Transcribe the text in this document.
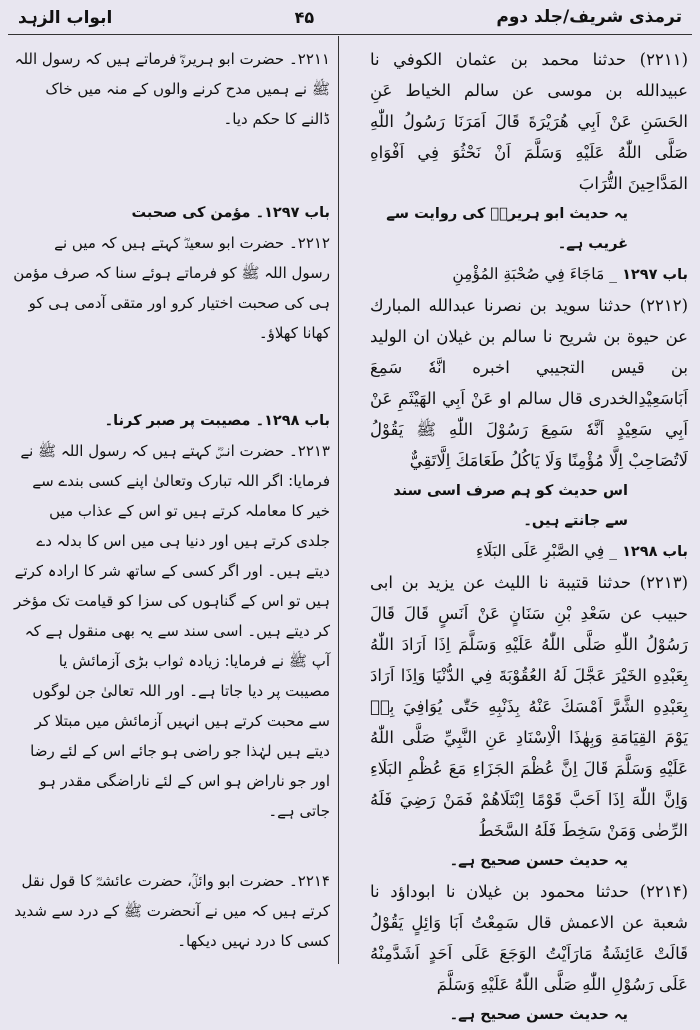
ترمذی شریف/جلد دوم
۴۵
ابواب الزہد

(۲۲۱۱) حدثنا محمد بن عثمان الكوفي نا عبيدالله بن موسى عن سالم الخياط عَنِ الحَسَنِ عَنْ اَبِي هُرَيْرَةَ قَالَ اَمَرَنَا رَسُولُ اللّٰهِ صَلَّى اللّٰهُ عَلَيْهِ وَسَلَّمَ اَنْ نَحْثُوَ فِي اَفْوَاهِ المَدَّاحِينَ التُّرَابَ

یہ حدیث ابو ہریرہؓ کی روایت سے غریب ہے۔

باب ۱۲۹۷ _ مَاجَاءَ فِي صُحْبَةِ المُؤْمِنِ

(۲۲۱۲) حدثنا سويد بن نصرنا عبدالله المبارك عن حيوة بن شريح نا سالم بن غيلان ان الوليد بن قيس التجيبي اخبره انَّهٗ سَمِعَ اَبَاسَعِيْدِالخدرى قال سالم او عَنْ اَبِي الهَيْثَمِ عَنْ اَبِي سَعِيْدٍ اَنَّهٗ سَمِعَ رَسُوْلَ اللّٰهِ ﷺ يَقُوْلُ لَاتُصَاحِبْ اِلَّا مُؤْمِنًا وَلَا يَاكُلُ طَعَامَكَ اِلَّاتَقِيٌّ

اس حدیث کو ہم صرف اسی سند سے جانتے ہیں۔

باب ۱۲۹۸ _ فِي الصَّبْرِ عَلَى البَلَاءِ

(۲۲۱۳) حدثنا قتيبة نا الليث عن يزيد بن ابى حبيب عن سَعْدِ بْنِ سَنَانٍ عَنْ اَنَسٍ قَالَ قَالَ رَسُوْلُ اللّٰهِ صَلَّى اللّٰهُ عَلَيْهِ وَسَلَّمَ اِذَا اَرَادَ اللّٰهُ بِعَبْدِهِ الخَيْرَ عَجَّلَ لَهُ العُقُوْبَةَ فِي الدُّنْيَا وَاِذَا اَرَادَ بِعَبْدِهِ الشَّرَّ اَمْسَكَ عَنْهُ بِذَنْبِهِ حَتّٰى يُوَافِيَ بِهٖ يَوْمَ القِيَامَةِ وَبِهٰذَا الْاِسْنَادِ عَنِ النَّبِيِّ صَلَّى اللّٰهُ عَلَيْهِ وَسَلَّمَ قَالَ اِنَّ عُظْمَ الجَزَاءِ مَعَ عُظْمِ البَلَاءِ وَاِنَّ اللّٰهَ اِذَا اَحَبَّ قَوْمًا اِبْتَلَاهُمْ فَمَنْ رَضِيَ فَلَهُ الرِّضٰى وَمَنْ سَخِطَ فَلَهُ السَّخَطُ

یہ حدیث حسن صحیح ہے۔

(۲۲۱۴) حدثنا محمود بن غيلان نا ابوداؤد نا شعبة عن الاعمش قال سَمِعْتُ اَبَا وَائِلٍ يَقُوْلُ قَالَتْ عَائِشَةُ مَارَاَيْتُ الوَجَعَ عَلَى اَحَدٍ اَشَدَّمِنْهُ عَلَى رَسُوْلِ اللّٰهِ صَلَّى اللّٰهُ عَلَيْهِ وَسَلَّمَ

یہ حدیث حسن صحیح ہے۔

۲۲۱۱۔ حضرت ابو ہریرہؓ فرماتے ہیں کہ رسول اللہ ﷺ نے ہمیں مدح کرنے والوں کے منہ میں خاک ڈالنے کا حکم دیا۔

باب ۱۲۹۷۔ مؤمن کی صحبت

۲۲۱۲۔ حضرت ابو سعیدؓ کہتے ہیں کہ میں نے رسول اللہ ﷺ کو فرماتے ہوئے سنا کہ صرف مؤمن ہی کی صحبت اختیار کرو اور متقی آدمی ہی کو کھانا کھلاؤ۔

باب ۱۲۹۸۔ مصیبت پر صبر کرنا۔

۲۲۱۳۔ حضرت انسؓ کہتے ہیں کہ رسول اللہ ﷺ نے فرمایا: اگر اللہ تبارک وتعالیٰ اپنے کسی بندے سے خیر کا معاملہ کرتے ہیں تو اس کے عذاب میں جلدی کرتے ہیں اور دنیا ہی میں اس کا بدلہ دے دیتے ہیں۔ اور اگر کسی کے ساتھ شر کا ارادہ کرتے ہیں تو اس کے گناہوں کی سزا کو قیامت تک مؤخر کر دیتے ہیں۔ اسی سند سے یہ بھی منقول ہے کہ آپ ﷺ نے فرمایا: زیادہ ثواب بڑی آزمائش یا مصیبت پر دیا جاتا ہے۔ اور اللہ تعالیٰ جن لوگوں سے محبت کرتے ہیں انہیں آزمائش میں مبتلا کر دیتے ہیں لہٰذا جو راضی ہو جائے اس کے لئے رضا اور جو ناراض ہو اس کے لئے ناراضگی مقدر ہو جاتی ہے۔

۲۲۱۴۔ حضرت ابو وائلؒ، حضرت عائشہؓ کا قول نقل کرتے ہیں کہ میں نے آنحضرت ﷺ کے درد سے شدید کسی کا درد نہیں دیکھا۔
